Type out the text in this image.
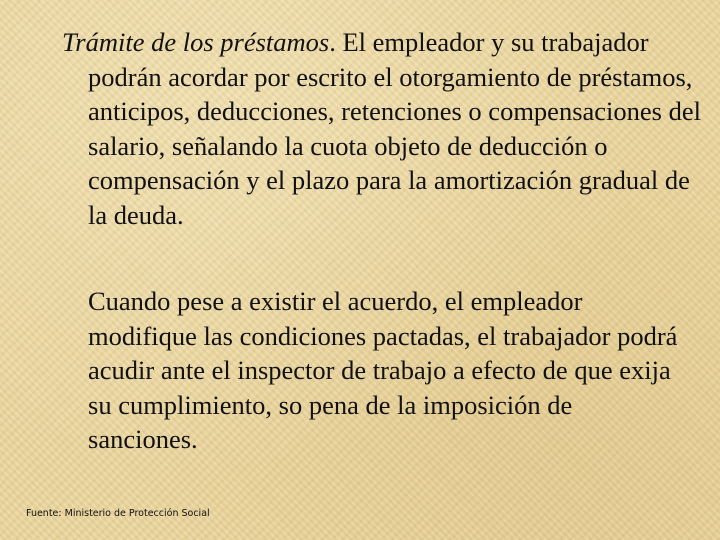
Trámite de los préstamos. El empleador y su trabajador podrán acordar por escrito el otorgamiento de préstamos, anticipos, deducciones, retenciones o compensaciones del salario, señalando la cuota objeto de deducción o compensación y el plazo para la amortización gradual de la deuda.

Cuando pese a existir el acuerdo, el empleador modifique las condiciones pactadas, el trabajador podrá acudir ante el inspector de trabajo a efecto de que exija su cumplimiento, so pena de la imposición de sanciones.

Fuente: Ministerio de Protección Social
